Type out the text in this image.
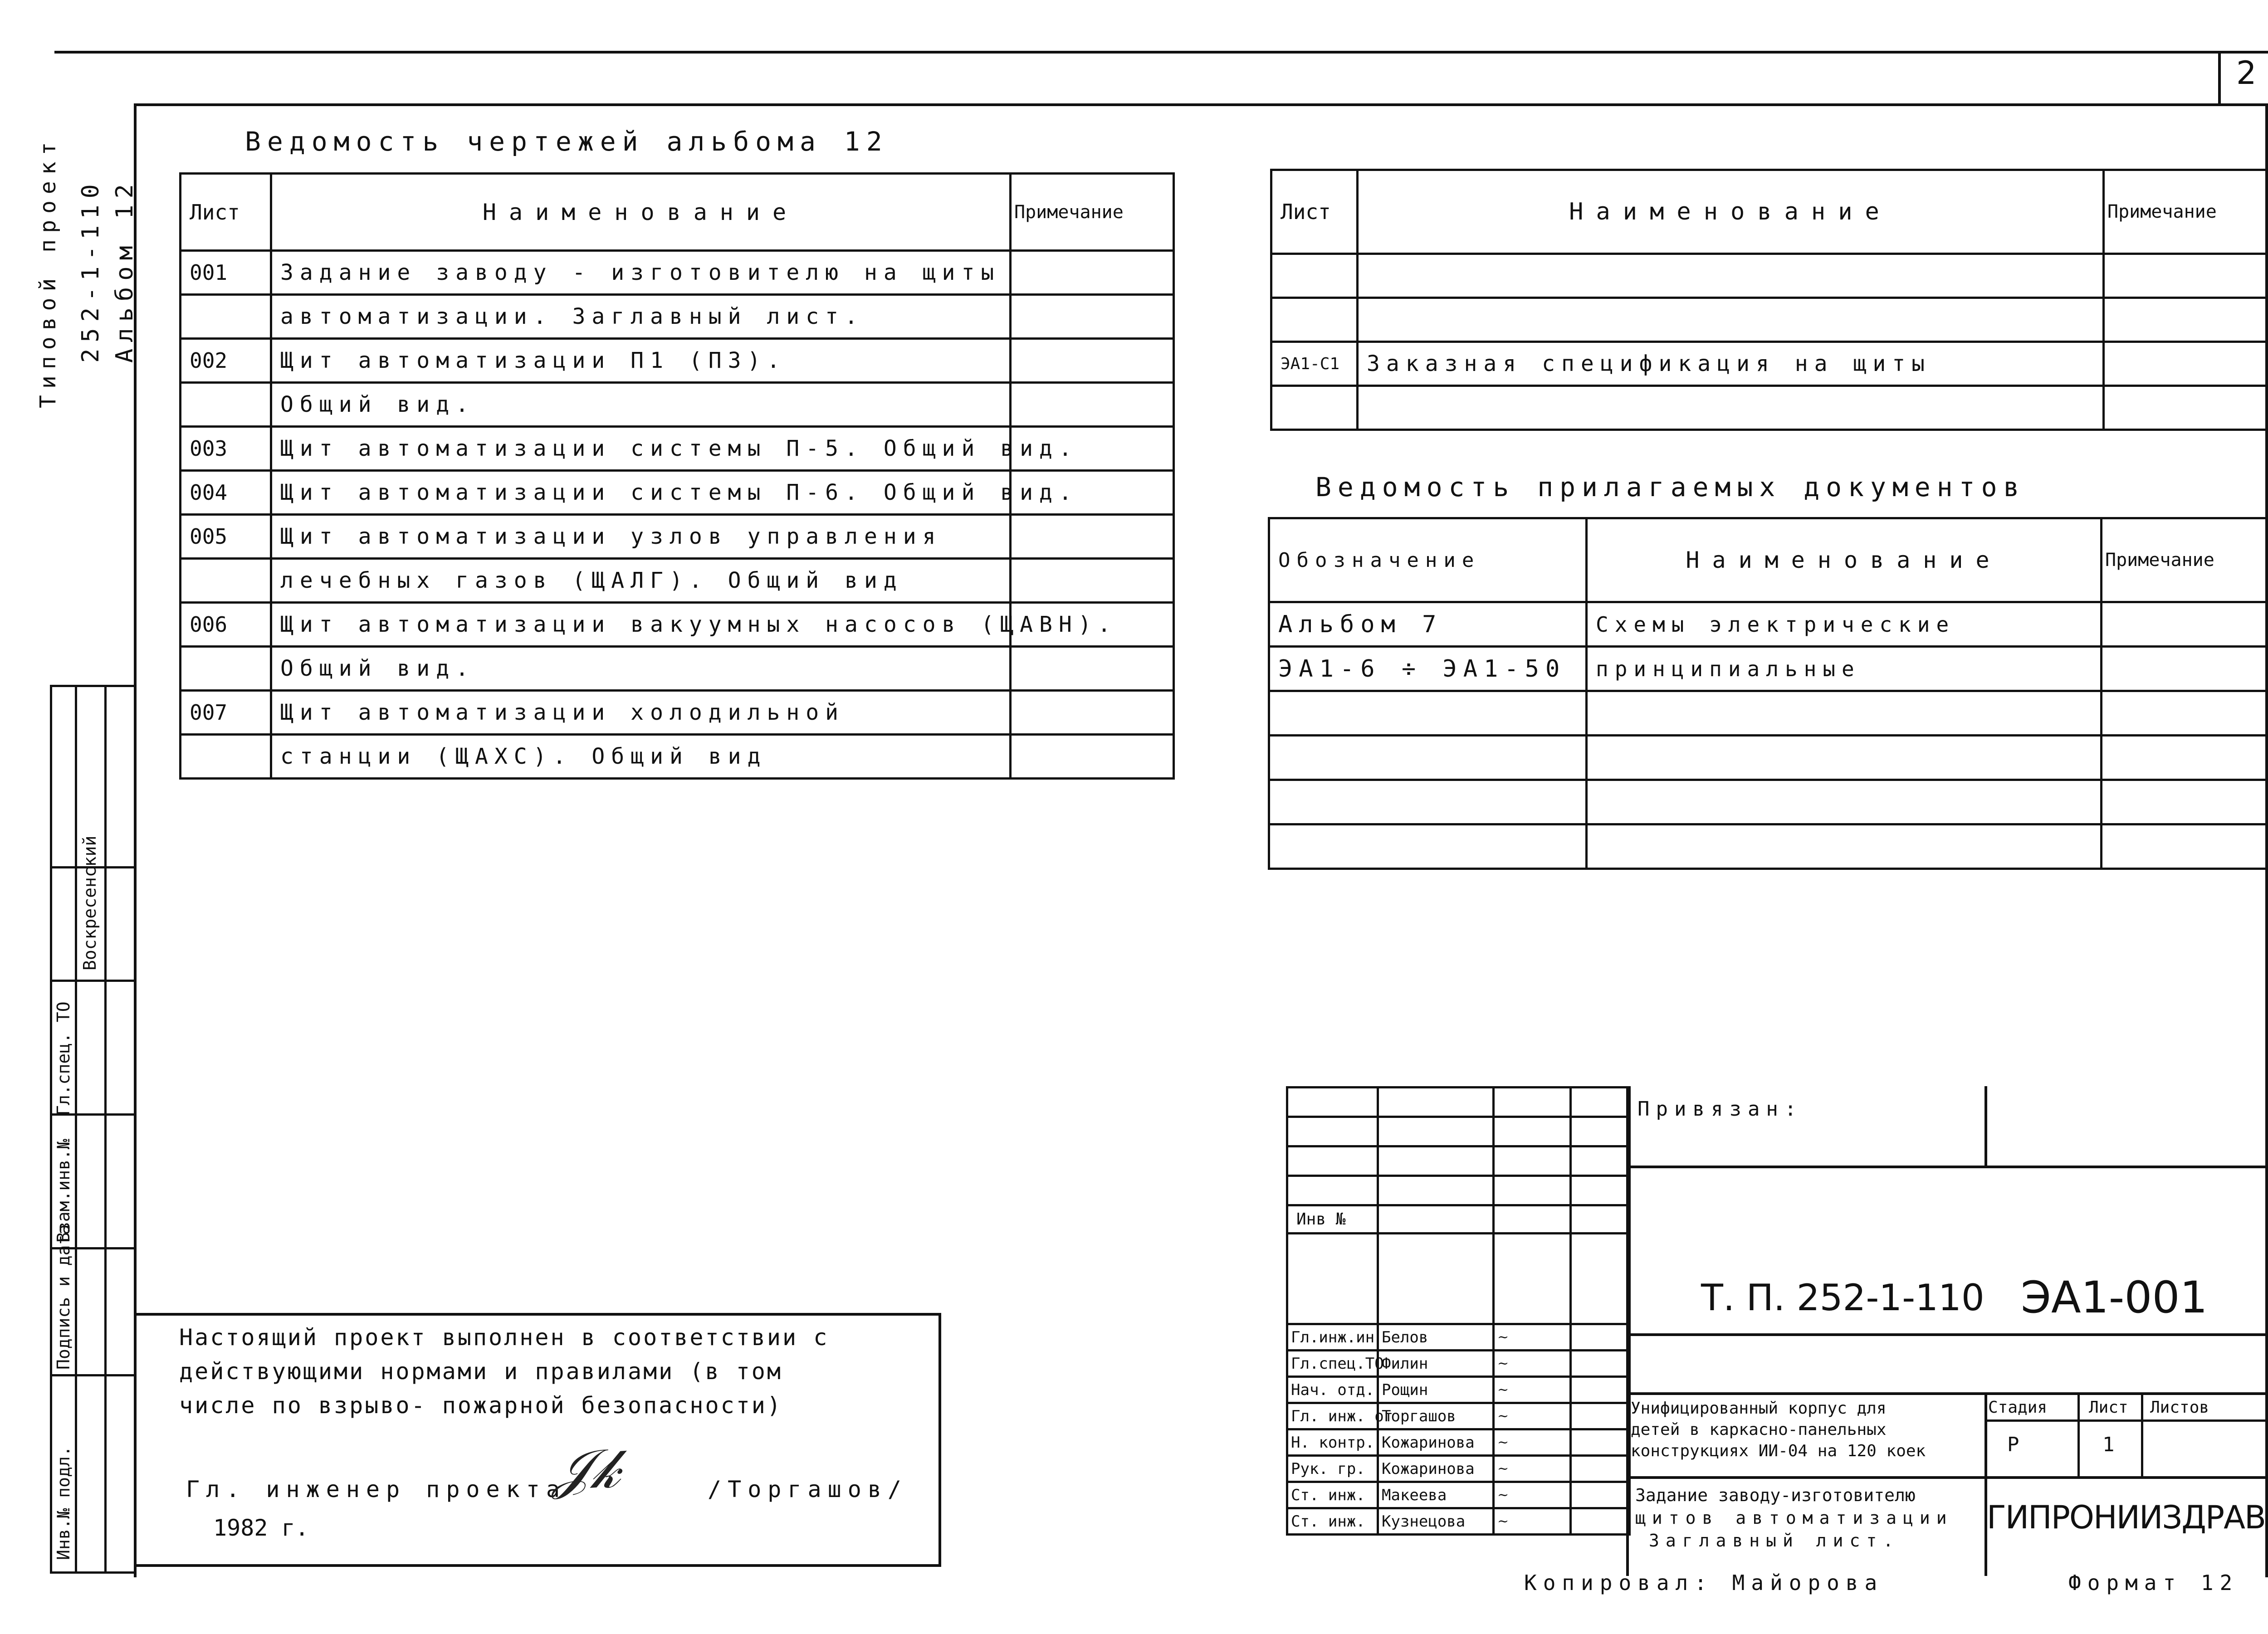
2
Типовой проект 252-1-110 Альбом 12
Гл.спец. ТО
Воскресенский
Взам.инв.№
Подпись и дата
Инв.№ подл.
Ведомость чертежей альбома 12
Лист	Наименование	Примечание
001	Задание заводу - изготовителю на щиты	
	автоматизации. Заглавный лист.	
002	Щит автоматизации П1 (П3).	
	Общий вид.	
003	Щит автоматизации системы П-5. Общий вид.	
004	Щит автоматизации системы П-6. Общий вид.	
005	Щит автоматизации узлов управления	
	лечебных газов (ЩАЛГ). Общий вид	
006	Щит автоматизации вакуумных насосов (ЩАВН).	
	Общий вид.	
007	Щит автоматизации холодильной	
	станции (ЩАХС). Общий вид	
Лист	Наименование	Примечание

ЭА1-С1	Заказная спецификация на щиты	

Ведомость прилагаемых документов
Обозначение	Наименование	Примечание
Альбом 7	Схемы электрические	
ЭА1-6 ÷ ЭА1-50	принципиальные	

Настоящий проект выполнен в соответствии с
действующими нормами и правилами (в том
числе по взрыво- пожарной безопасности)
Гл. инженер проекта
𝒥𝓀	/Торгашов/
1982 г.

Инв №			

Гл.инж.ин	Белов	~	
Гл.спец.ТО	Филин	~	
Нач. отд.	Рощин	~	
Гл. инж. от	Торгашов	~	
Н. контр.	Кожаринова	~	
Рук. гр.	Кожаринова	~	
Ст. инж.	Макеева	~	
Ст. инж.	Кузнецова	~	
Привязан:
Т. П. 252-1-110 ЭА1-001
Унифицированный корпус для
детей в каркасно-панельных
конструкциях ИИ-04 на 120 коек
Задание заводу-изготовителю
щитов автоматизации
Заглавный лист.
Стадия	Лист Листов
Р	1
ГИПРОНИИЗДРАВ
Копировал: Майорова	Формат 12
